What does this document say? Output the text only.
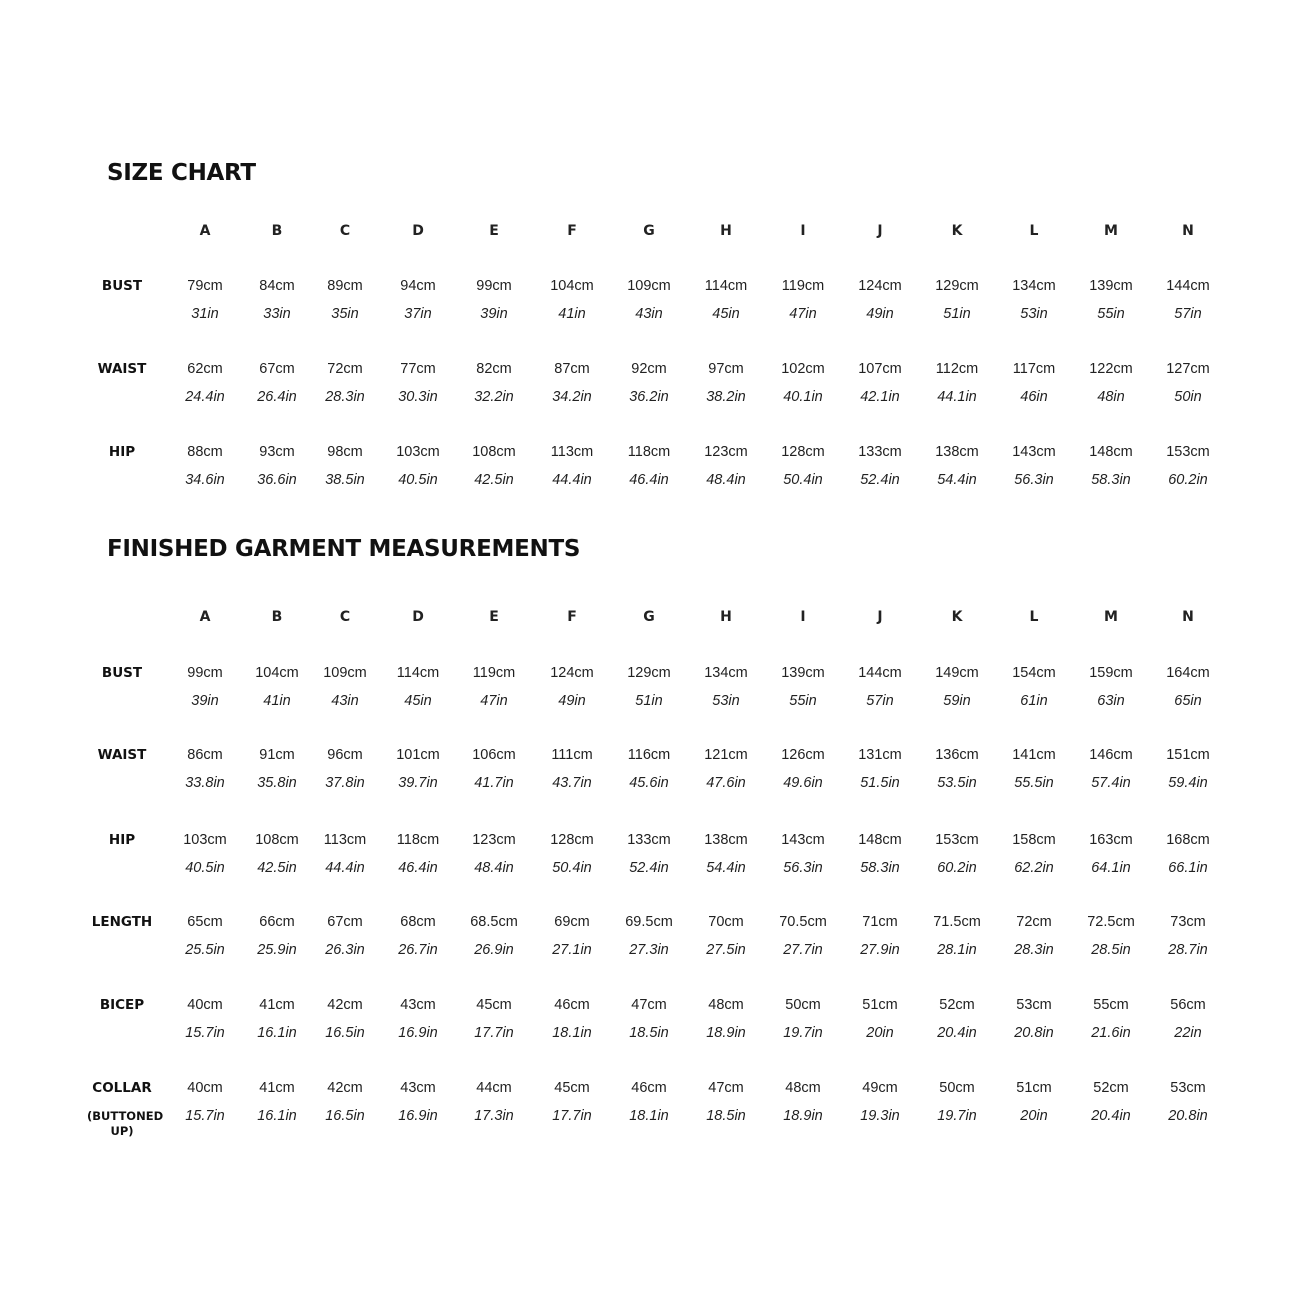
SIZE CHART
FINISHED GARMENT MEASUREMENTS
A	B	C	D	E	F	G	H	I	J	K	L	M	N
BUST	79cm	84cm 89cm	94cm	99cm	104cm 109cm 114cm 119cm 124cm 129cm 134cm 139cm 144cm
31in	33in	35in	37in	39in	41in	43in	45in	47in	49in	51in	53in	55in	57in
WAIST	62cm	67cm 72cm	77cm	82cm	87cm	92cm	97cm	102cm 107cm 112cm 117cm 122cm 127cm
24.4in 26.4in 28.3in 30.3in	32.2in	34.2in	36.2in	38.2in	40.1in	42.1in	44.1in	46in	48in	50in
HIP	88cm	93cm 98cm 103cm 108cm 113cm 118cm 123cm 128cm 133cm 138cm 143cm 148cm 153cm
34.6in 36.6in 38.5in 40.5in	42.5in	44.4in	46.4in	48.4in	50.4in	52.4in	54.4in	56.3in	58.3in	60.2in
A	B	C	D	E	F	G	H	I	J	K	L	M	N
BUST	99cm 104cm 109cm 114cm 119cm 124cm 129cm 134cm 139cm 144cm 149cm 154cm 159cm 164cm
39in	41in	43in	45in	47in	49in	51in	53in	55in	57in	59in	61in	63in	65in
WAIST	86cm	91cm 96cm 101cm 106cm 111cm 116cm 121cm 126cm 131cm 136cm 141cm 146cm 151cm
33.8in 35.8in 37.8in 39.7in	41.7in	43.7in	45.6in	47.6in	49.6in	51.5in	53.5in	55.5in	57.4in	59.4in
HIP	103cm 108cm 113cm 118cm 123cm 128cm 133cm 138cm 143cm 148cm 153cm 158cm 163cm 168cm
40.5in 42.5in 44.4in 46.4in	48.4in	50.4in	52.4in	54.4in	56.3in	58.3in	60.2in	62.2in	64.1in	66.1in
LENGTH 65cm	66cm 67cm	68cm 68.5cm	69cm 69.5cm 70cm 70.5cm 71cm 71.5cm 72cm 72.5cm 73cm
25.5in 25.9in 26.3in 26.7in	26.9in	27.1in	27.3in	27.5in	27.7in	27.9in	28.1in	28.3in	28.5in	28.7in
BICEP	40cm	41cm 42cm	43cm	45cm	46cm	47cm	48cm	50cm	51cm	52cm	53cm	55cm	56cm
15.7in 16.1in 16.5in 16.9in	17.7in	18.1in	18.5in	18.9in	19.7in	20in	20.4in	20.8in	21.6in	22in
COLLAR
(BUTTONED UP)
40cm	41cm 42cm	43cm	44cm	45cm	46cm	47cm	48cm	49cm	50cm	51cm	52cm	53cm
15.7in 16.1in 16.5in 16.9in	17.3in	17.7in	18.1in	18.5in	18.9in	19.3in	19.7in	20in	20.4in	20.8in
